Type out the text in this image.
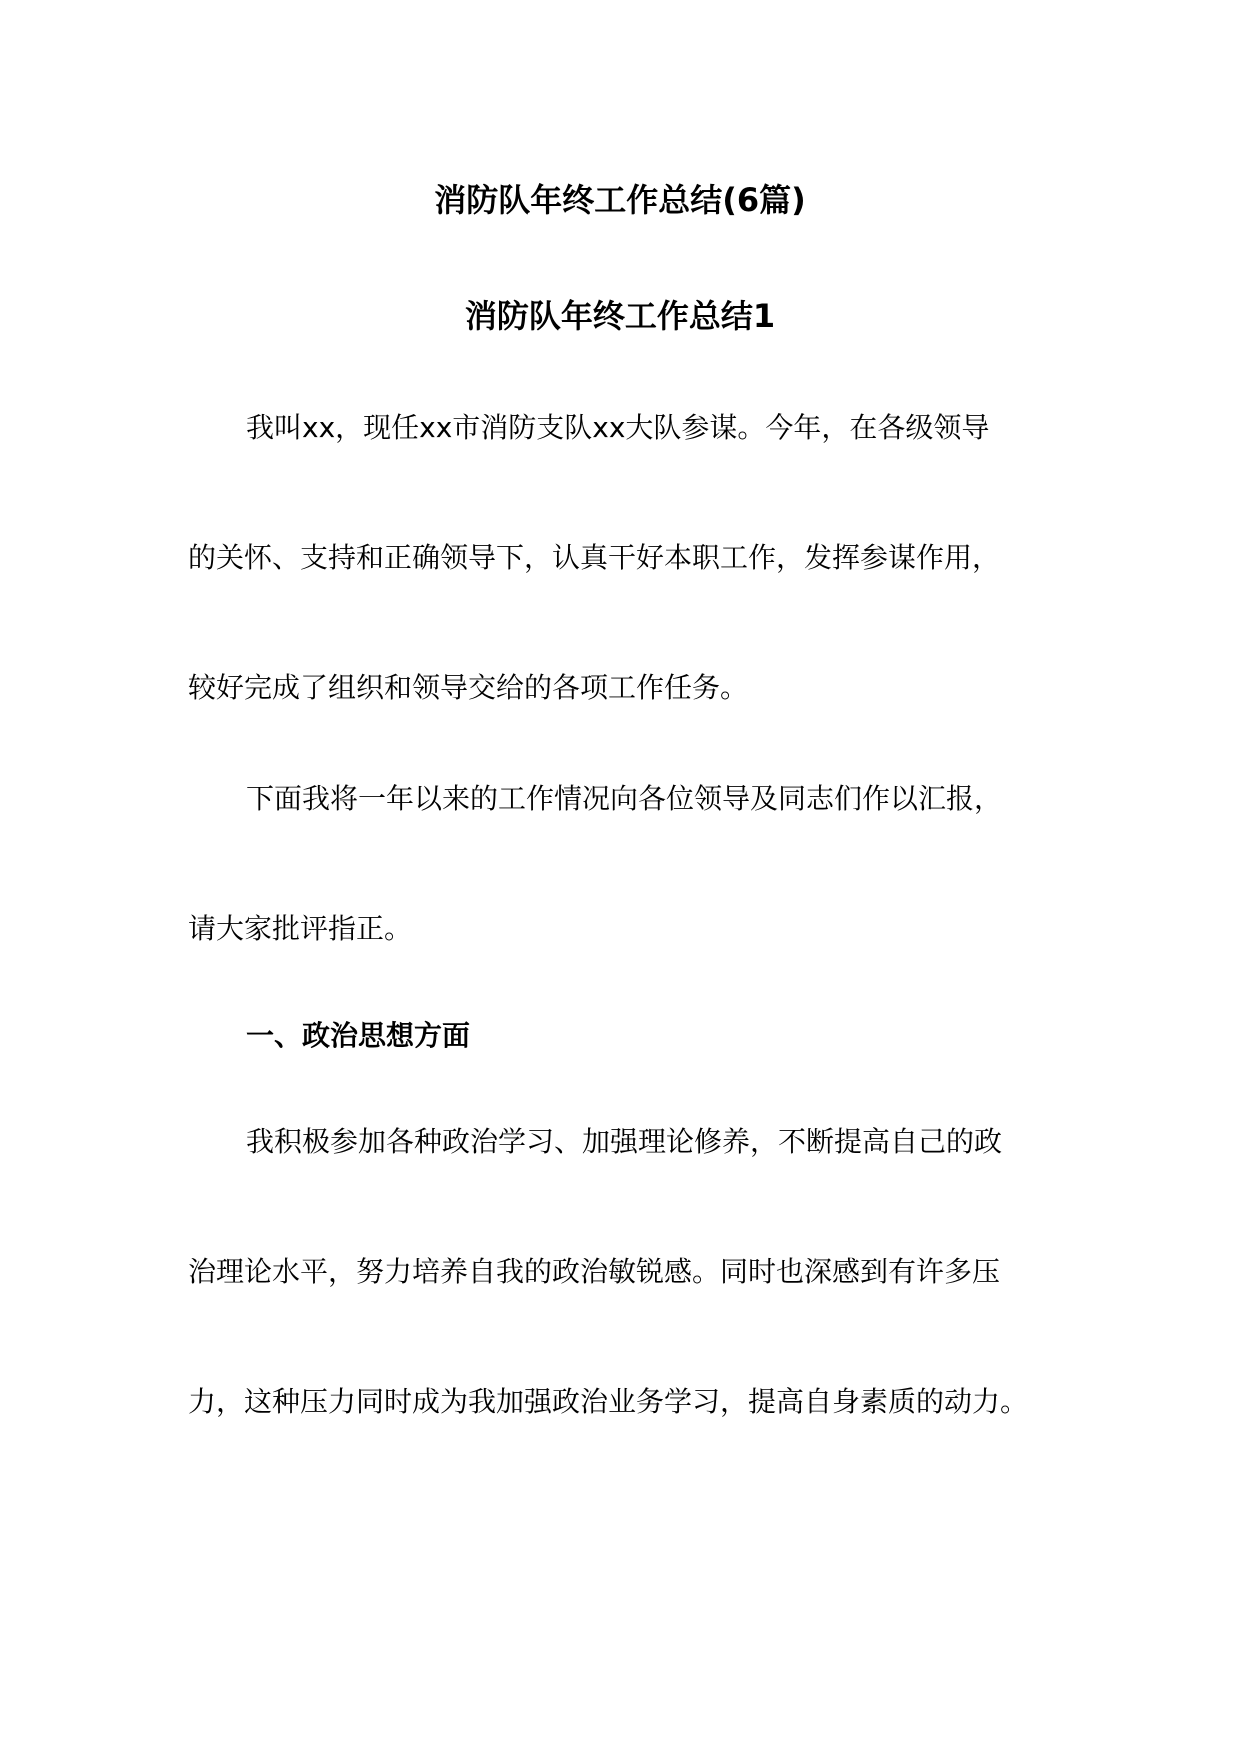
消防队年终工作总结(6篇)
消防队年终工作总结1
我叫xx，现任xx市消防支队xx大队参谋。今年，在各级领导
的关怀、支持和正确领导下，认真干好本职工作，发挥参谋作用，
较好完成了组织和领导交给的各项工作任务。
下面我将一年以来的工作情况向各位领导及同志们作以汇报，
请大家批评指正。
一、政治思想方面
我积极参加各种政治学习、加强理论修养，不断提高自己的政
治理论水平，努力培养自我的政治敏锐感。同时也深感到有许多压
力，这种压力同时成为我加强政治业务学习，提高自身素质的动力。
